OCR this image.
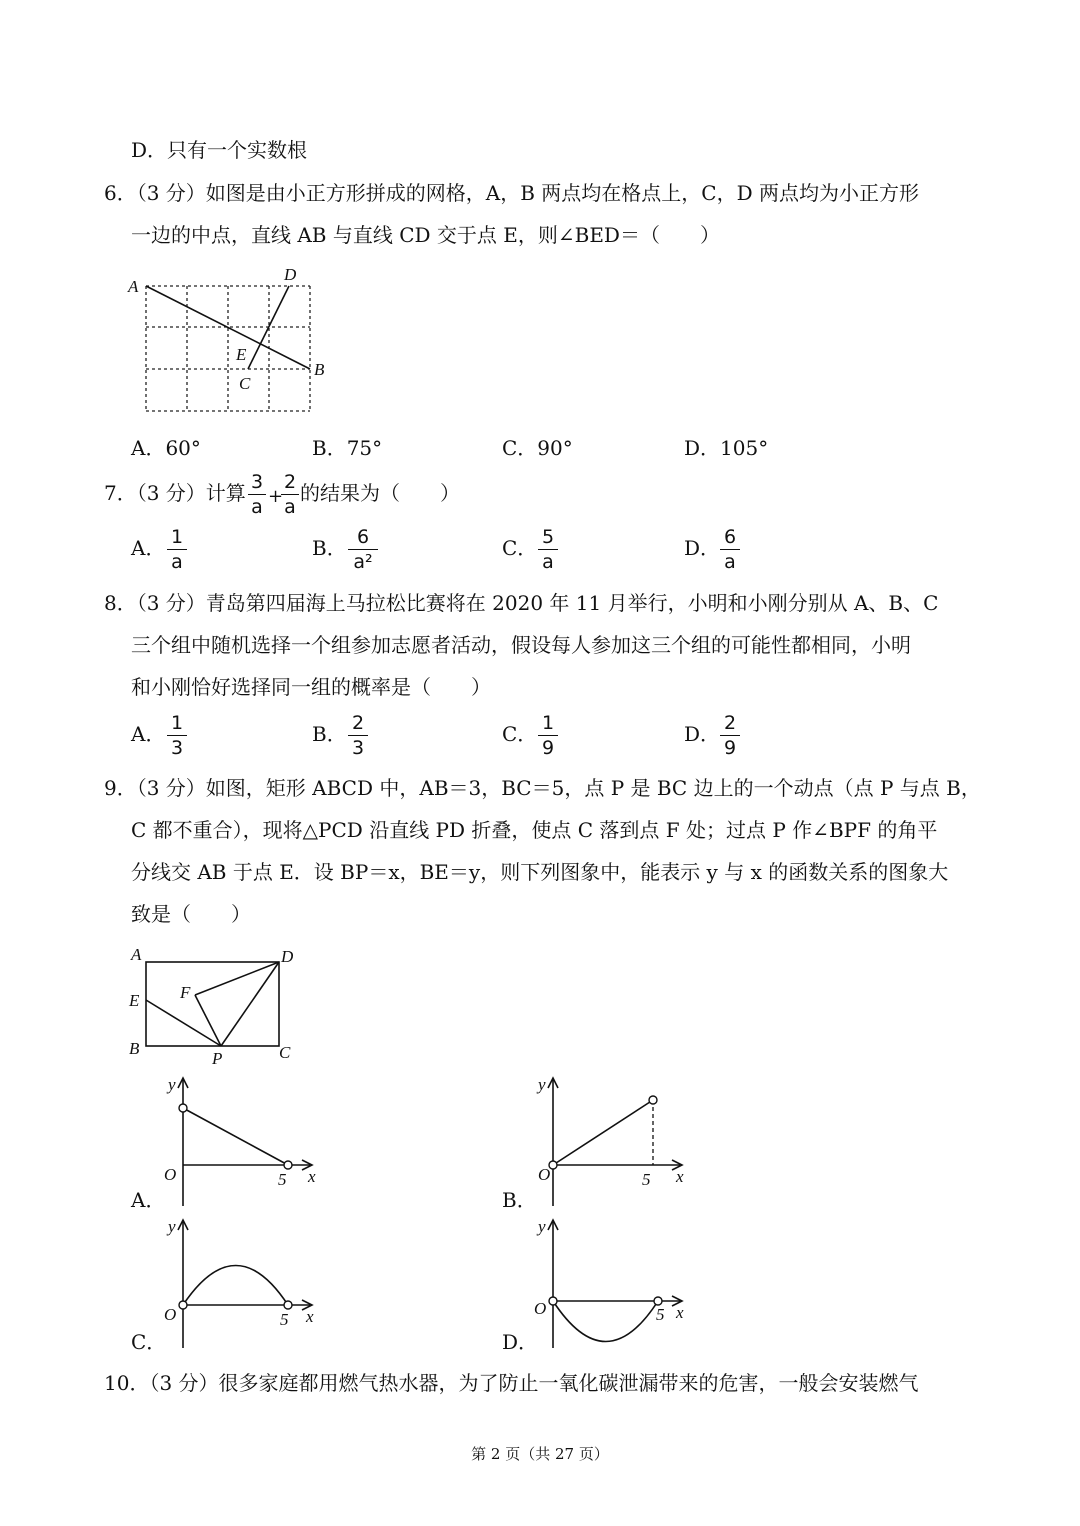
D．只有一个实数根
6．（3 分）如图是由小正方形拼成的网格，A，B 两点均在格点上，C，D 两点均为小正方形
一边的中点，直线 AB 与直线 CD 交于点 E，则∠BED＝（　　）
A
B
C
D
E
A．60°	B．75°	C．90°	D．105°
7．（3 分）计算 3
a +
2
a
的结果为（　　）
A． 1
a
B． 6
a²
C． 5
a
D． 6
a
8．（3 分）青岛第四届海上马拉松比赛将在 2020 年 11 月举行，小明和小刚分别从 A、B、C
三个组中随机选择一个组参加志愿者活动，假设每人参加这三个组的可能性都相同，小明
和小刚恰好选择同一组的概率是（　　）
A． 1
3
B． 2
3
C． 1
9
D． 2
9
9．（3 分）如图，矩形 ABCD 中，AB＝3，BC＝5，点 P 是 BC 边上的一个动点（点 P 与点 B，
C 都不重合），现将△PCD 沿直线 PD 折叠，使点 C 落到点 F 处；过点 P 作∠BPF 的角平
分线交 AB 于点 E．设 BP＝x，BE＝y，则下列图象中，能表示 y 与 x 的函数关系的图象大
致是（　　）
A
B	C
D
E F
P
y
O	5 x
A．
y
O	5 x
B．
y
O	5 x
C．
y
O	5 x
D．
10．（3 分）很多家庭都用燃气热水器，为了防止一氧化碳泄漏带来的危害，一般会安装燃气
第 2 页（共 27 页）
